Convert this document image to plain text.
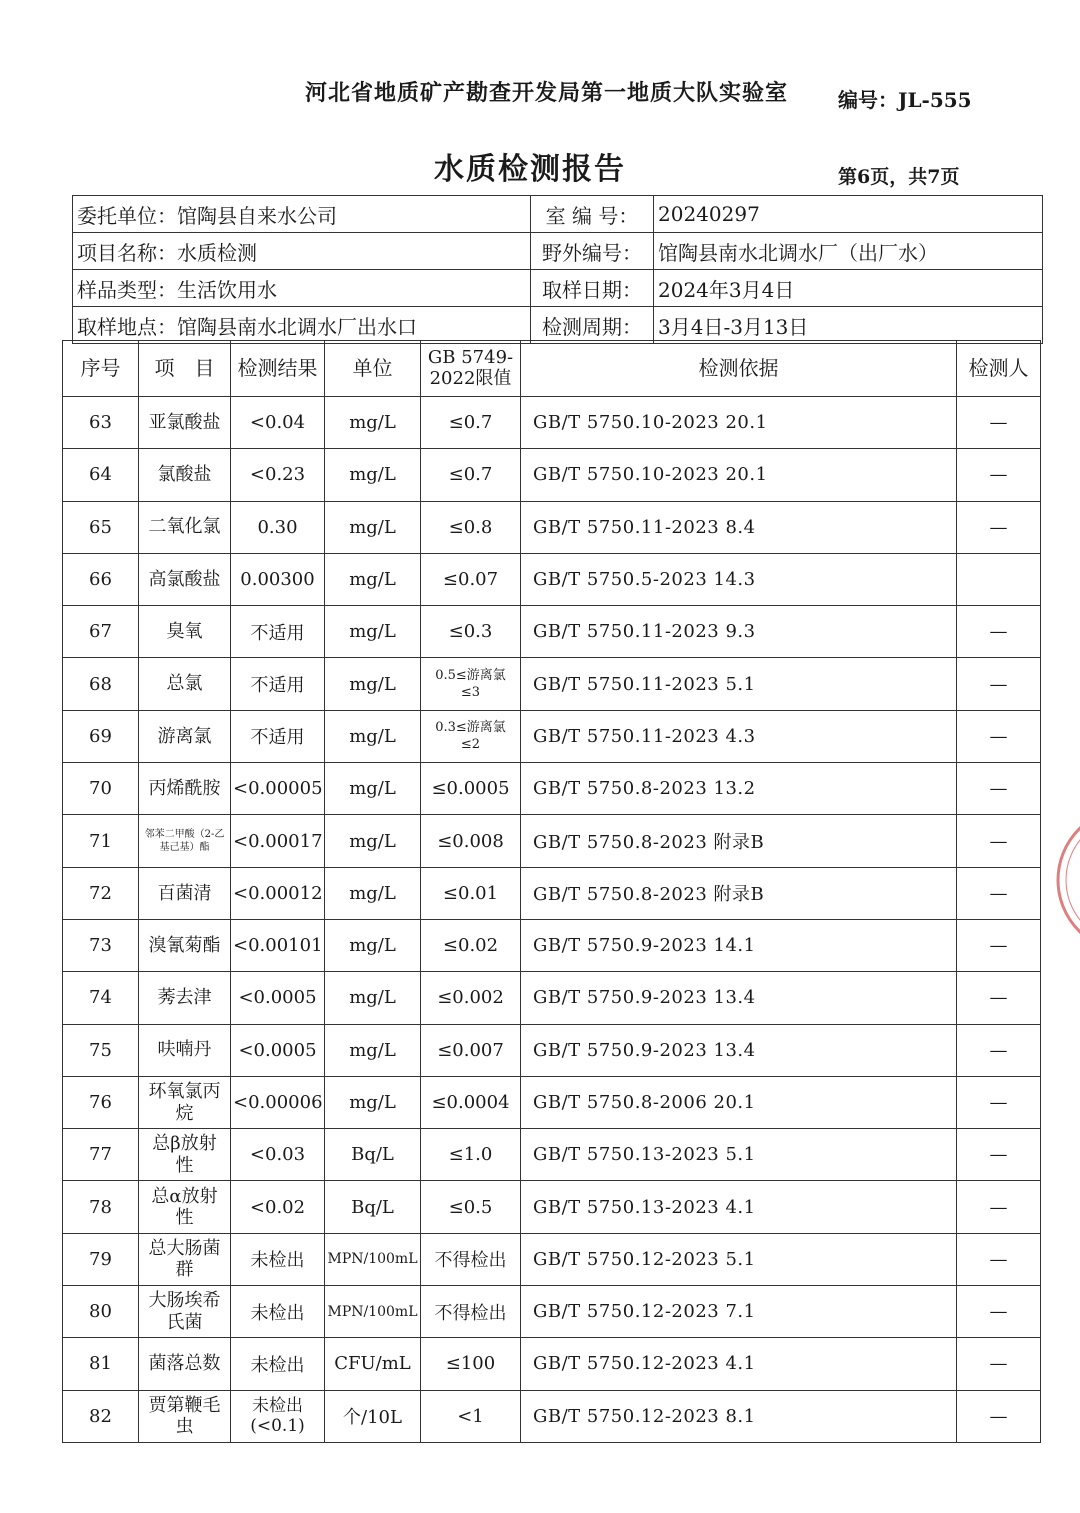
河北省地质矿产勘查开发局第一地质大队实验室 编号：JL-555
水质检测报告	第6页，共7页
委托单位：馆陶县自来水公司	室 编 号：	20240297
项目名称：水质检测	野外编号：	馆陶县南水北调水厂（出厂水）
样品类型：生活饮用水	取样日期：	2024年3月4日
取样地点：馆陶县南水北调水厂出水口	检测周期：	3月4日-3月13日
序号	项　目	检测结果	单位	GB 5749-
2022限值	检测依据	检测人
63	亚氯酸盐	<0.04	mg/L	≤0.7	GB/T 5750.10-2023 20.1	—
64	氯酸盐	<0.23	mg/L	≤0.7	GB/T 5750.10-2023 20.1	—
65	二氧化氯	0.30	mg/L	≤0.8	GB/T 5750.11-2023 8.4	—
66	高氯酸盐	0.00300	mg/L	≤0.07	GB/T 5750.5-2023 14.3	
67	臭氧	不适用	mg/L	≤0.3	GB/T 5750.11-2023 9.3	—
68	总氯	不适用	mg/L	0.5≤游离氯
≤3	GB/T 5750.11-2023 5.1	—
69	游离氯	不适用	mg/L	0.3≤游离氯
≤2	GB/T 5750.11-2023 4.3	—
70	丙烯酰胺	<0.00005	mg/L	≤0.0005	GB/T 5750.8-2023 13.2	—
71	邻苯二甲酸（2-乙
基己基）酯	<0.00017	mg/L	≤0.008	GB/T 5750.8-2023 附录B	—
72	百菌清	<0.00012	mg/L	≤0.01	GB/T 5750.8-2023 附录B	—
73	溴氰菊酯	<0.00101	mg/L	≤0.02	GB/T 5750.9-2023 14.1	—
74	莠去津	<0.0005	mg/L	≤0.002	GB/T 5750.9-2023 13.4	—
75	呋喃丹	<0.0005	mg/L	≤0.007	GB/T 5750.9-2023 13.4	—
76	环氧氯丙
烷	<0.00006	mg/L	≤0.0004	GB/T 5750.8-2006 20.1	—
77	总β放射
性	<0.03	Bq/L	≤1.0	GB/T 5750.13-2023 5.1	—
78	总α放射
性	<0.02	Bq/L	≤0.5	GB/T 5750.13-2023 4.1	—
79	总大肠菌
群	未检出	MPN/100mL	不得检出	GB/T 5750.12-2023 5.1	—
80	大肠埃希
氏菌	未检出	MPN/100mL	不得检出	GB/T 5750.12-2023 7.1	—
81	菌落总数	未检出	CFU/mL	≤100	GB/T 5750.12-2023 4.1	—
82	贾第鞭毛
虫	未检出
(<0.1)	个/10L	<1	GB/T 5750.12-2023 8.1	—
